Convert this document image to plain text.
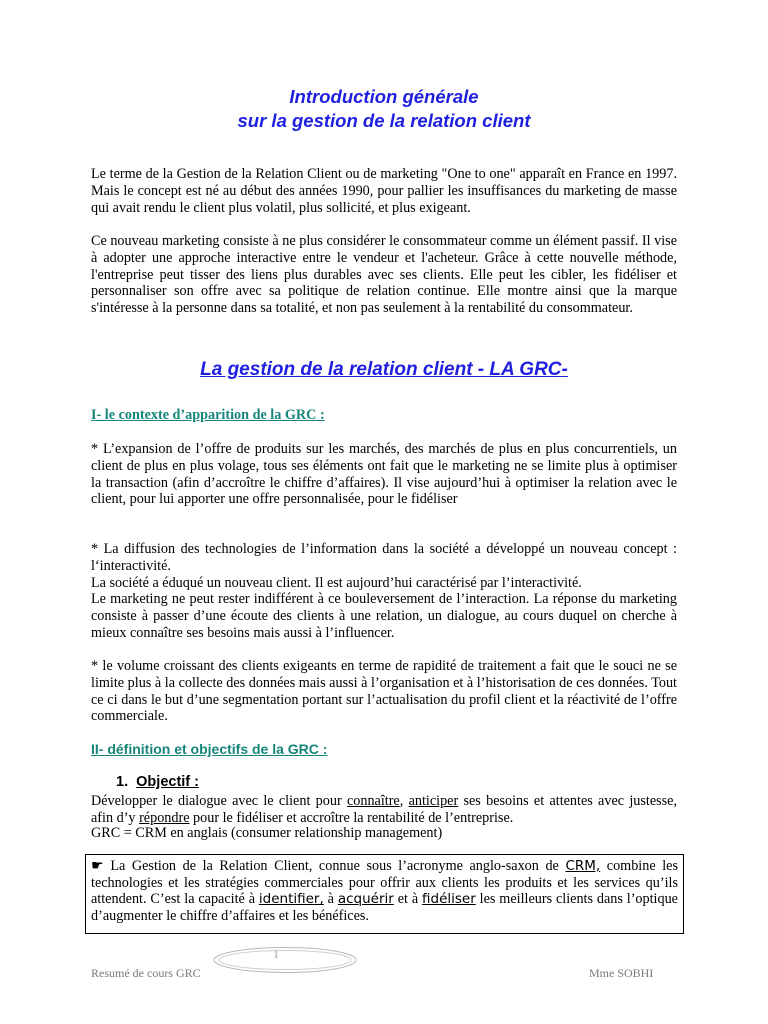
Introduction générale
sur la gestion de la relation client
Le terme de la Gestion de la Relation Client ou de marketing "One to one" apparaît en France en 1997. Mais le concept est né au début des années 1990, pour pallier les insuffisances du marketing de masse qui avait rendu le client plus volatil, plus sollicité, et plus exigeant.
Ce nouveau marketing consiste à ne plus considérer le consommateur comme un élément passif. Il vise à adopter une approche interactive entre le vendeur et l'acheteur. Grâce à cette nouvelle méthode, l'entreprise peut tisser des liens plus durables avec ses clients. Elle peut les cibler, les fidéliser et personnaliser son offre avec sa politique de relation continue. Elle montre ainsi que la marque s'intéresse à la personne dans sa totalité, et non pas seulement à la rentabilité du consommateur.
La gestion de la relation client - LA GRC-
I- le contexte d’apparition de la GRC :
* L’expansion de l’offre de produits sur les marchés, des marchés de plus en plus concurrentiels, un client de plus en plus volage, tous ses éléments ont fait que le marketing ne se limite plus à optimiser la transaction (afin d’accroître le chiffre d’affaires). Il vise aujourd’hui à optimiser la relation avec le client, pour lui apporter une offre personnalisée, pour le fidéliser
* La diffusion des technologies de l’information dans la société a développé un nouveau concept : l‘interactivité.
La société a éduqué un nouveau client. Il est aujourd’hui caractérisé par l’interactivité.
Le marketing ne peut rester indifférent à ce bouleversement de l’interaction. La réponse du marketing consiste à passer d’une écoute des clients à une relation, un dialogue, au cours duquel on cherche à mieux connaître ses besoins mais aussi à l’influencer.
* le volume croissant des clients exigeants en terme de rapidité de traitement a fait que le souci ne se limite plus à la collecte des données mais aussi à l’organisation et à l’historisation de ces données. Tout ce ci dans le but d’une segmentation portant sur l’actualisation du profil client et la réactivité de l’offre commerciale.
II- définition et objectifs de la GRC :
1. Objectif :
Développer le dialogue avec le client pour connaître, anticiper ses besoins et attentes avec justesse, afin d’y répondre pour le fidéliser et accroître la rentabilité de l’entreprise.
GRC = CRM en anglais (consumer relationship management)
☛ La Gestion de la Relation Client, connue sous l’acronyme anglo-saxon de CRM, combine les technologies et les stratégies commerciales pour offrir aux clients les produits et les services qu’ils attendent. C’est la capacité à identifier, à acquérir et à fidéliser les meilleurs clients dans l’optique d’augmenter le chiffre d’affaires et les bénéfices.
1
Resumé de cours GRC	Mme SOBHI
